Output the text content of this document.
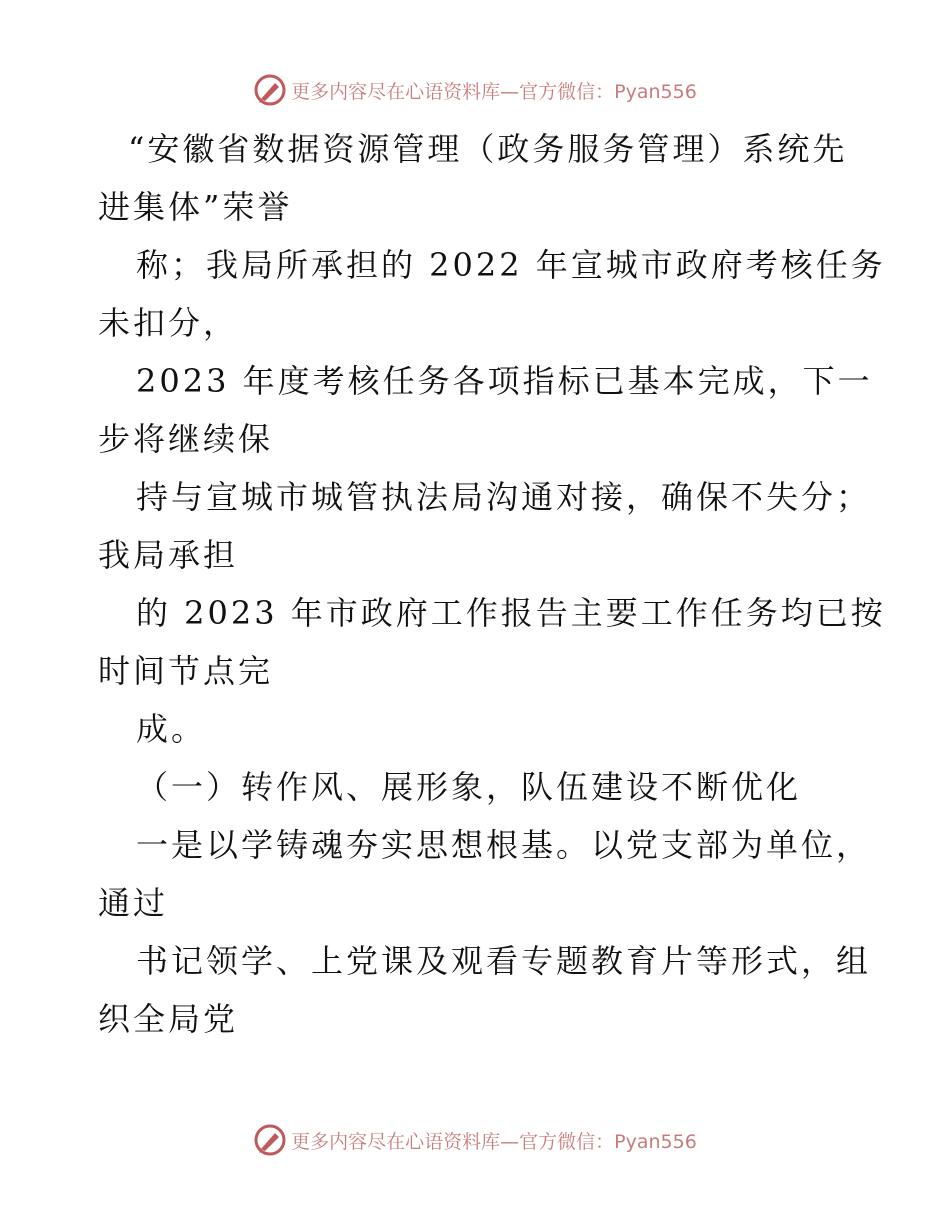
更多内容尽在心语资料库—官方微信：Pyan556
“安徽省数据资源管理（政务服务管理）系统先
进集体”荣誉
称；我局所承担的 2022 年宣城市政府考核任务
未扣分，
2023 年度考核任务各项指标已基本完成，下一
步将继续保
持与宣城市城管执法局沟通对接，确保不失分；
我局承担
的 2023 年市政府工作报告主要工作任务均已按
时间节点完
成。
（一）转作风、展形象，队伍建设不断优化
一是以学铸魂夯实思想根基。以党支部为单位，
通过
书记领学、上党课及观看专题教育片等形式，组
织全局党
更多内容尽在心语资料库—官方微信：Pyan556
